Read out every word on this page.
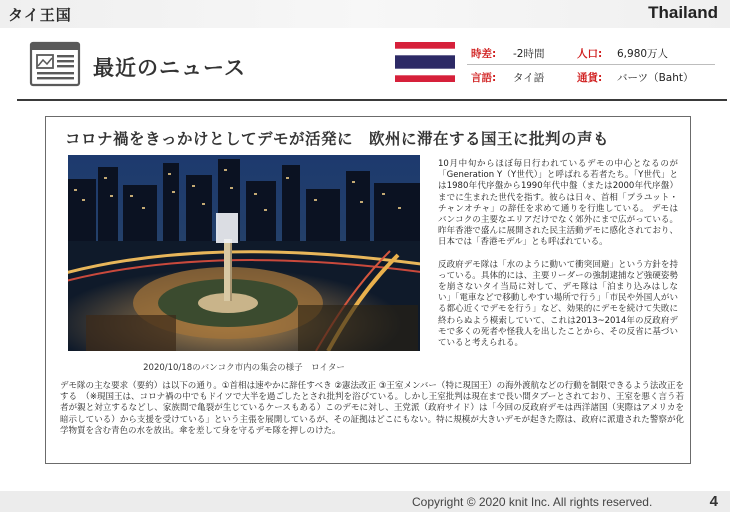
タイ王国	Thailand
最近のニュース
時差: -2時間	人口: 6,980万人
言語: タイ語	通貨: バーツ（Baht）
コロナ禍をきっかけとしてデモが活発に　欧州に滞在する国王に批判の声も
2020/10/18のバンコク市内の集会の様子　ロイター

10月中旬からほぼ毎日行われているデモの中心となるのが「Generation Y（Y世代）」と呼ばれる若者たち。「Y世代」とは1980年代序盤から1990年代中盤（または2000年代序盤）までに生まれた世代を指す。彼らは日々、首相「プラユット・チャンオチャ」の辞任を求めて通りを行進している。 デモはバンコクの主要なエリアだけでなく郊外にまで広がっている。昨年香港で盛んに展開された民主活動デモに感化されており、日本では「香港モデル」とも呼ばれている。

反政府デモ隊は「水のように動いて衝突回避」という方針を持っている。具体的には、主要リーダーの強制逮捕など強硬姿勢を崩さないタイ当局に対して、デモ隊は「泊まり込みはしない」「電車などで移動しやすい場所で行う」「市民や外国人がいる都心近くでデモを行う」など、効果的にデモを続けて失敗に終わらぬよう模索していて、これは2013~2014年の反政府デモで多くの死者や怪我人を出したことから、その反省に基づいていると考えられる。

デモ隊の主な要求（要約）は以下の通り。①首相は速やかに辞任すべき ②憲法改正 ③王室メンバー（特に現国王）の海外渡航などの行動を制限できるよう法改正をする　（※現国王は、コロナ禍の中でもドイツで大半を過ごしたとされ批判を浴びている。しかし王室批判は現在まで長い間タブーとされており、王室を悪く言う若者が親と対立するなどし、家族間で亀裂が生じているケースもある）このデモに対し、王党派（政府サイド）は「今回の反政府デモは西洋諸国（実際はアメリカを暗示している）から支援を受けている」という主張を展開しているが、その証拠はどこにもない。特に規模が大きいデモが起きた際は、政府に派遣された警察が化学物質を含む青色の水を放出。傘を差して身を守るデモ隊を押しのけた。
Copyright © 2020 knit Inc. All rights reserved.	4
